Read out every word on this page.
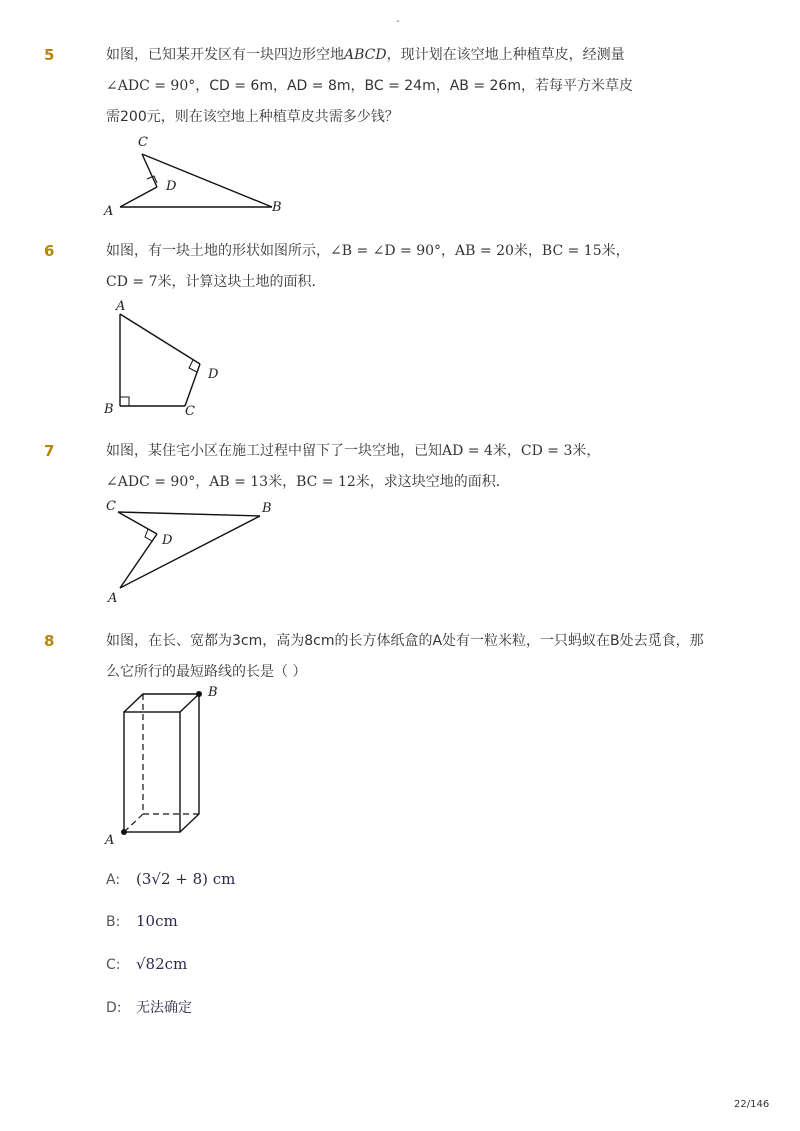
-
5	如图，已知某开发区有一块四边形空地ABCD，现计划在该空地上种植草皮，经测量
∠ADC = 90°，CD = 6m，AD = 8m，BC = 24m，AB = 26m，若每平方米草皮
需200元，则在该空地上种植草皮共需多少钱？
C
D
A	B
6	如图，有一块土地的形状如图所示，∠B = ∠D = 90°，AB = 20米，BC = 15米，
CD = 7米，计算这块土地的面积．
A
B	C
D
7	如图，某住宅小区在施工过程中留下了一块空地，已知AD = 4米，CD = 3米，
∠ADC = 90°，AB = 13米，BC = 12米，求这块空地的面积．
C	B
D
A
8	如图，在长、宽都为3cm，高为8cm的长方体纸盒的A处有一粒米粒，一只蚂蚁在B处去觅食，那
么它所行的最短路线的长是（ ）
B
A
A: (3√2 + 8) cm
B: 10cm
C: √82cm
D: 无法确定
22/146
